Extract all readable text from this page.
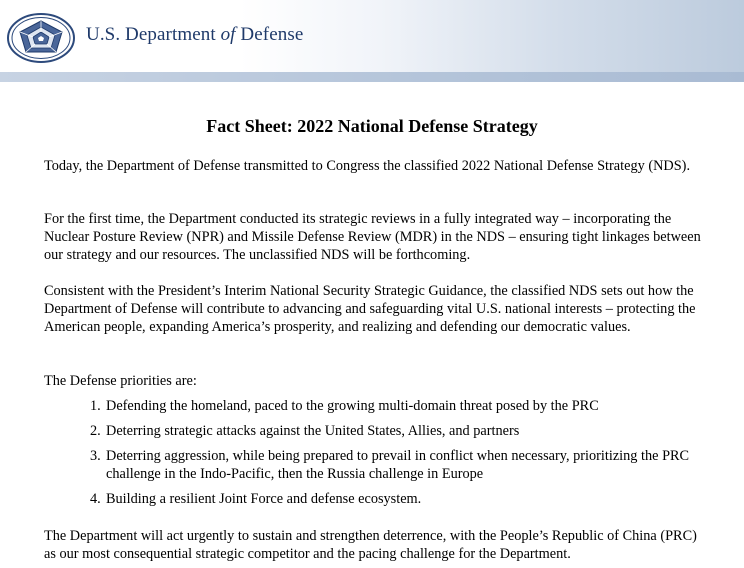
U.S. Department of Defense
Fact Sheet: 2022 National Defense Strategy
Today, the Department of Defense transmitted to Congress the classified 2022 National Defense Strategy (NDS).
For the first time, the Department conducted its strategic reviews in a fully integrated way – incorporating the Nuclear Posture Review (NPR) and Missile Defense Review (MDR) in the NDS – ensuring tight linkages between our strategy and our resources. The unclassified NDS will be forthcoming.
Consistent with the President’s Interim National Security Strategic Guidance, the classified NDS sets out how the Department of Defense will contribute to advancing and safeguarding vital U.S. national interests – protecting the American people, expanding America’s prosperity, and realizing and defending our democratic values.
The Defense priorities are:
1. Defending the homeland, paced to the growing multi-domain threat posed by the PRC
2. Deterring strategic attacks against the United States, Allies, and partners
3. Deterring aggression, while being prepared to prevail in conflict when necessary, prioritizing the PRC challenge in the Indo-Pacific, then the Russia challenge in Europe
4. Building a resilient Joint Force and defense ecosystem.
The Department will act urgently to sustain and strengthen deterrence, with the People’s Republic of China (PRC) as our most consequential strategic competitor and the pacing challenge for the Department.
